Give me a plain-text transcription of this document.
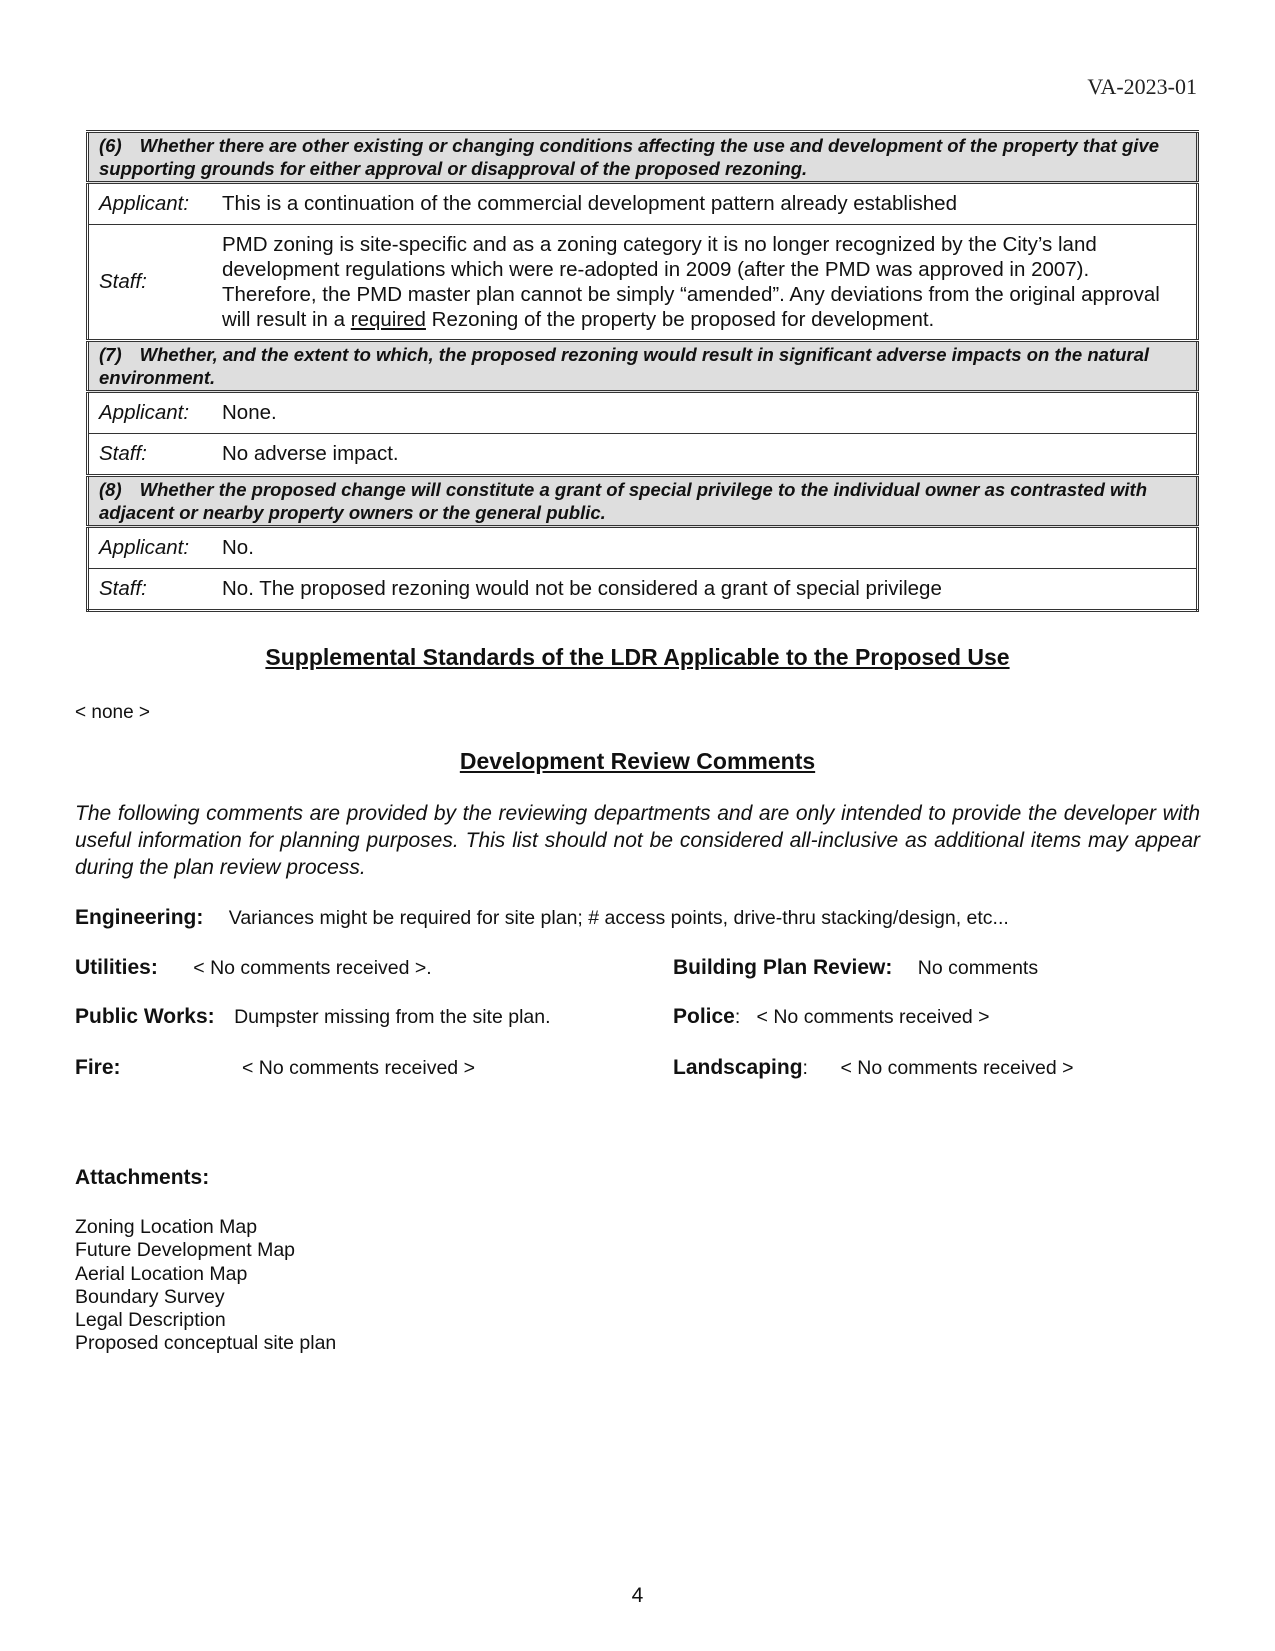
VA-2023-01
(6) Whether there are other existing or changing conditions affecting the use and development of the property that give supporting grounds for either approval or disapproval of the proposed rezoning.	
Applicant:	This is a continuation of the commercial development pattern already established
Staff:	PMD zoning is site-specific and as a zoning category it is no longer recognized by the City’s land development regulations which were re-adopted in 2009 (after the PMD was approved in 2007). Therefore, the PMD master plan cannot be simply “amended”. Any deviations from the original approval will result in a required Rezoning of the property be proposed for development.
(7) Whether, and the extent to which, the proposed rezoning would result in significant adverse impacts on the natural environment.	
Applicant:	None.
Staff:	No adverse impact.
(8) Whether the proposed change will constitute a grant of special privilege to the individual owner as contrasted with adjacent or nearby property owners or the general public.	
Applicant:	No.
Staff:	No. The proposed rezoning would not be considered a grant of special privilege
Supplemental Standards of the LDR Applicable to the Proposed Use
< none >
Development Review Comments
The following comments are provided by the reviewing departments and are only intended to provide the developer with useful information for planning purposes. This list should not be considered all-inclusive as additional items may appear during the plan review process.
Engineering: Variances might be required for site plan; # access points, drive-thru stacking/design, etc...
Utilities: < No comments received >.	Building Plan Review: No comments
Public Works: Dumpster missing from the site plan.	Police:   < No comments received >
Fire:	< No comments received >	Landscaping:      < No comments received >
Attachments:
Zoning Location Map
Future Development Map
Aerial Location Map
Boundary Survey
Legal Description
Proposed conceptual site plan
4
